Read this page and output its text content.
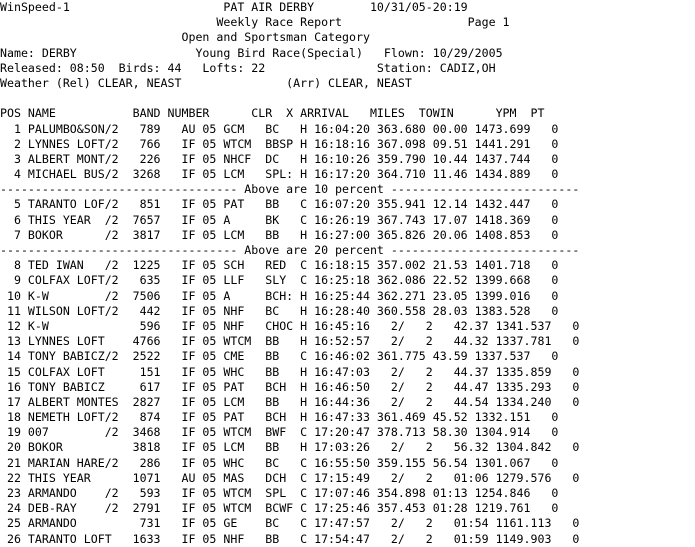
WinSpeed-1                      PAT AIR DERBY        10/31/05-20:19
Weekly Race Report                  Page 1
Open and Sportsman Category
Name: DERBY                 Young Bird Race(Special)   Flown: 10/29/2005
Released: 08:50  Birds: 44   Lofts: 22                Station: CADIZ,OH
Weather (Rel) CLEAR, NEAST               (Arr) CLEAR, NEAST
POS NAME           BAND NUMBER      CLR  X ARRIVAL   MILES  TOWIN      YPM  PT
1 PALUMBO&SON/2   789   AU 05 GCM   BC   H 16:04:20 363.680 00.00 1473.699   0
2 LYNNES LOFT/2   766   IF 05 WTCM  BBSP H 16:18:16 367.098 09.51 1441.291   0
3 ALBERT MONT/2   226   IF 05 NHCF  DC   H 16:10:26 359.790 10.44 1437.744   0
4 MICHAEL BUS/2  3268   IF 05 LCM   SPL: H 16:17:20 364.710 11.46 1434.889   0
---------------------------------- Above are 10 percent ---------------------------
5 TARANTO LOF/2   851   IF 05 PAT   BB   C 16:07:20 355.941 12.14 1432.447   0
6 THIS YEAR  /2  7657   IF 05 A     BK   C 16:26:19 367.743 17.07 1418.369   0
7 BOKOR      /2  3817   IF 05 LCM   BB   H 16:27:00 365.826 20.06 1408.853   0
---------------------------------- Above are 20 percent ---------------------------
8 TED IWAN   /2  1225   IF 05 SCH   RED  C 16:18:15 357.002 21.53 1401.718   0
9 COLFAX LOFT/2   635   IF 05 LLF   SLY  C 16:25:18 362.086 22.52 1399.668   0
10 K-W        /2  7506   IF 05 A     BCH: H 16:25:44 362.271 23.05 1399.016   0
11 WILSON LOFT/2   442   IF 05 NHF   BC   H 16:28:40 360.558 28.03 1383.528   0
12 K-W             596   IF 05 NHF   CHOC H 16:45:16   2/   2   42.37 1341.537   0
13 LYNNES LOFT    4766   IF 05 WTCM  BB   H 16:52:57   2/   2   44.32 1337.781   0
14 TONY BABICZ/2  2522   IF 05 CME   BB   C 16:46:02 361.775 43.59 1337.537   0
15 COLFAX LOFT     151   IF 05 WHC   BB   H 16:47:03   2/   2   44.37 1335.859   0
16 TONY BABICZ     617   IF 05 PAT   BCH  H 16:46:50   2/   2   44.47 1335.293   0
17 ALBERT MONTES  2827   IF 05 LCM   BB   H 16:44:36   2/   2   44.54 1334.240   0
18 NEMETH LOFT/2   874   IF 05 PAT   BCH  H 16:47:33 361.469 45.52 1332.151   0
19 007        /2  3468   IF 05 WTCM  BWF  C 17:20:47 378.713 58.30 1304.914   0
20 BOKOR          3818   IF 05 LCM   BB   H 17:03:26   2/   2   56.32 1304.842   0
21 MARIAN HARE/2   286   IF 05 WHC   BC   C 16:55:50 359.155 56.54 1301.067   0
22 THIS YEAR      1071   AU 05 MAS   DCH  C 17:15:49   2/   2   01:06 1279.576   0
23 ARMANDO    /2   593   IF 05 WTCM  SPL  C 17:07:46 354.898 01:13 1254.846   0
24 DEB-RAY    /2  2791   IF 05 WTCM  BCWF C 17:25:46 357.453 01:28 1219.761   0
25 ARMANDO         731   IF 05 GE    BC   C 17:47:57   2/   2   01:54 1161.113   0
26 TARANTO LOFT   1633   IF 05 NHF   BB   C 17:54:47   2/   2   01:59 1149.903   0
